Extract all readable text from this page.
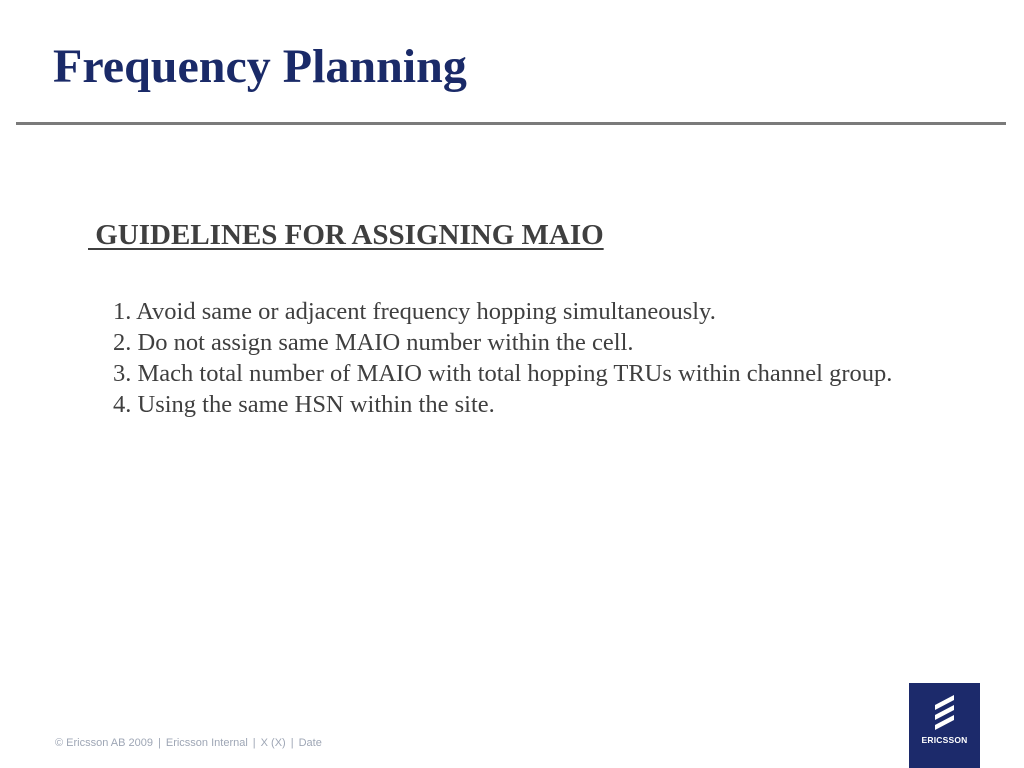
Frequency Planning
GUIDELINES FOR ASSIGNING MAIO
1. Avoid same or adjacent frequency hopping simultaneously.
2. Do not assign same MAIO number within the cell.
3. Mach total number of MAIO with total hopping TRUs within channel group.
4. Using the same HSN within the site.
© Ericsson AB 2009 | Ericsson Internal | X (X) | Date	ERICSSON
